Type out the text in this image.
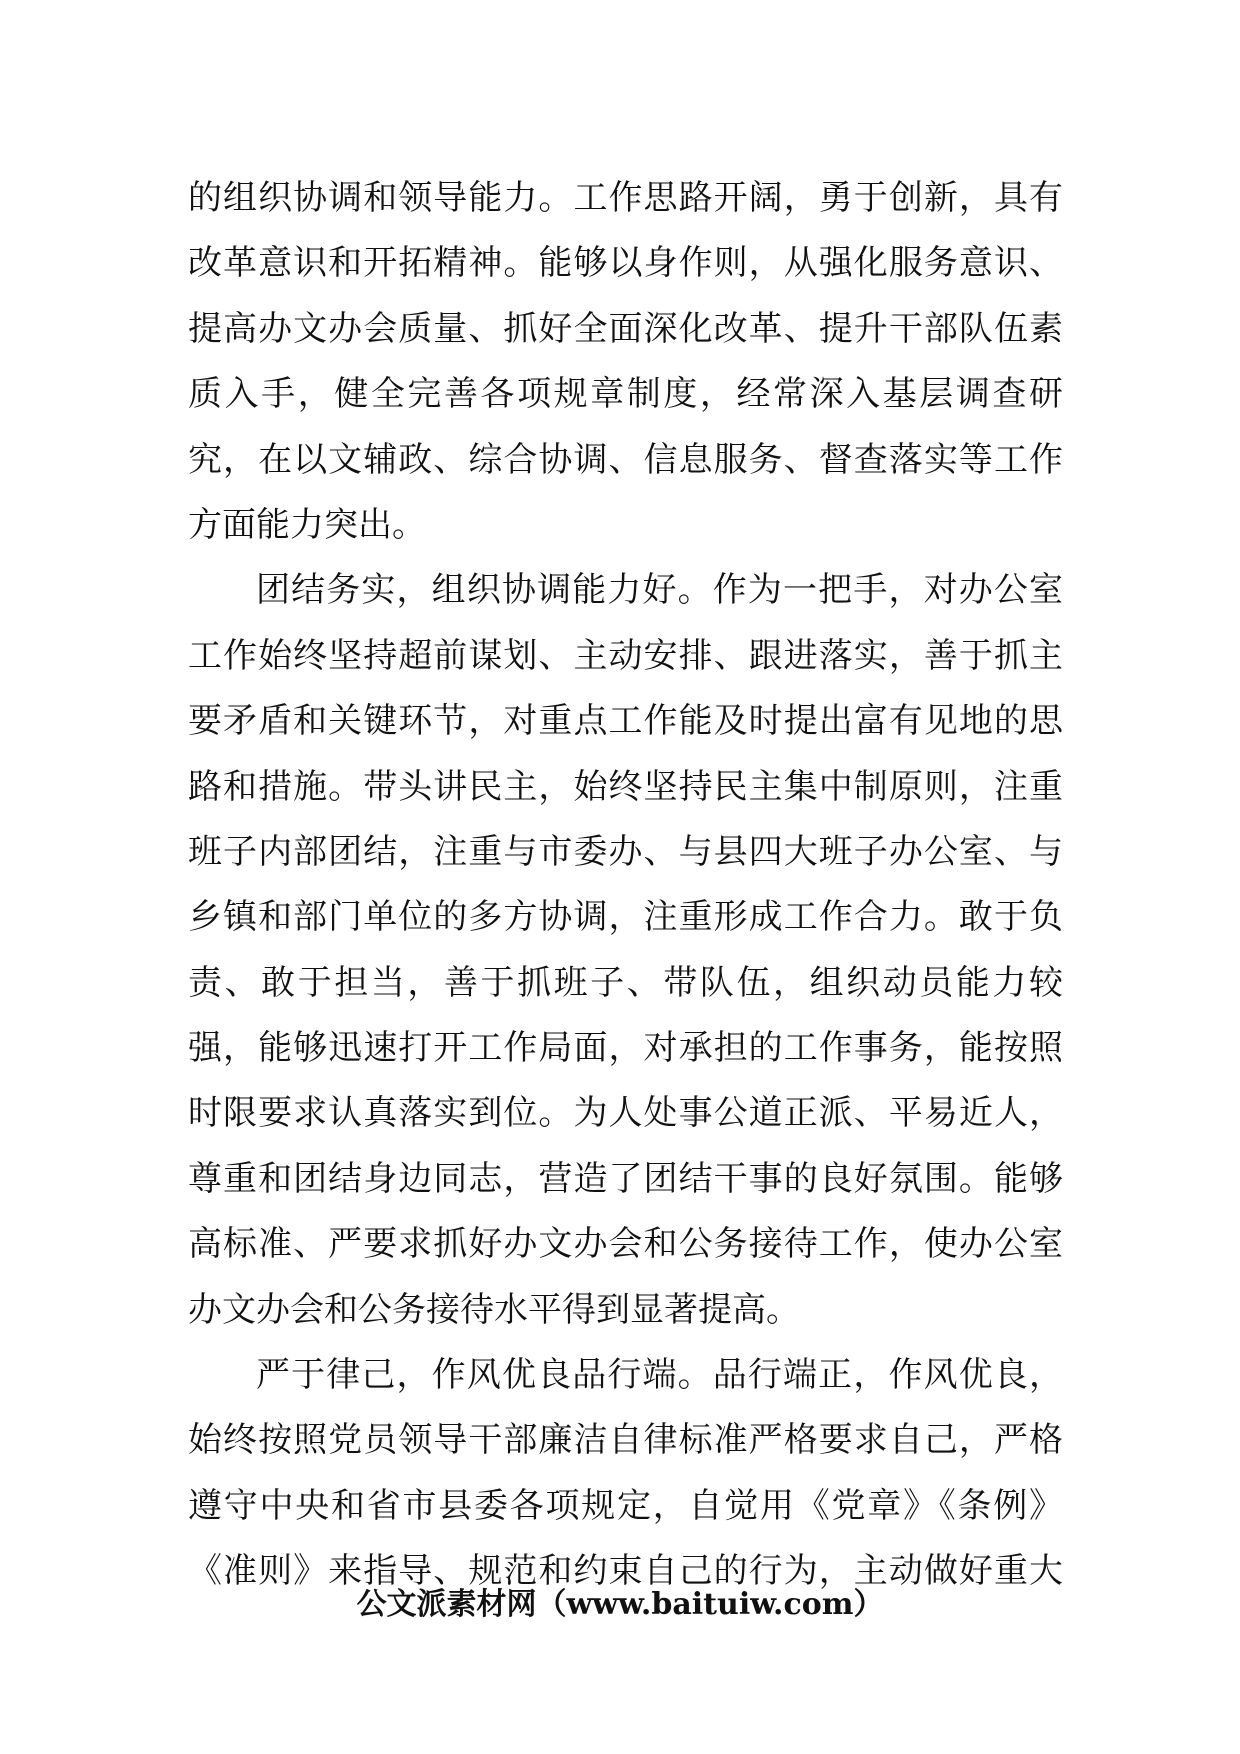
的组织协调和领导能力。工作思路开阔，勇于创新，具有
改革意识和开拓精神。能够以身作则，从强化服务意识、
提高办文办会质量、抓好全面深化改革、提升干部队伍素
质入手，健全完善各项规章制度，经常深入基层调查研
究，在以文辅政、综合协调、信息服务、督查落实等工作
方面能力突出。
团结务实，组织协调能力好。作为一把手，对办公室
工作始终坚持超前谋划、主动安排、跟进落实，善于抓主
要矛盾和关键环节，对重点工作能及时提出富有见地的思
路和措施。带头讲民主，始终坚持民主集中制原则，注重
班子内部团结，注重与市委办、与县四大班子办公室、与
乡镇和部门单位的多方协调，注重形成工作合力。敢于负
责、敢于担当，善于抓班子、带队伍，组织动员能力较
强，能够迅速打开工作局面，对承担的工作事务，能按照
时限要求认真落实到位。为人处事公道正派、平易近人，
尊重和团结身边同志，营造了团结干事的良好氛围。能够
高标准、严要求抓好办文办会和公务接待工作，使办公室
办文办会和公务接待水平得到显著提高。
严于律己，作风优良品行端。品行端正，作风优良，
始终按照党员领导干部廉洁自律标准严格要求自己，严格
遵守中央和省市县委各项规定，自觉用《党章》《条例》
《准则》来指导、规范和约束自己的行为，主动做好重大
公文派素材网（www.baituiw.com）
